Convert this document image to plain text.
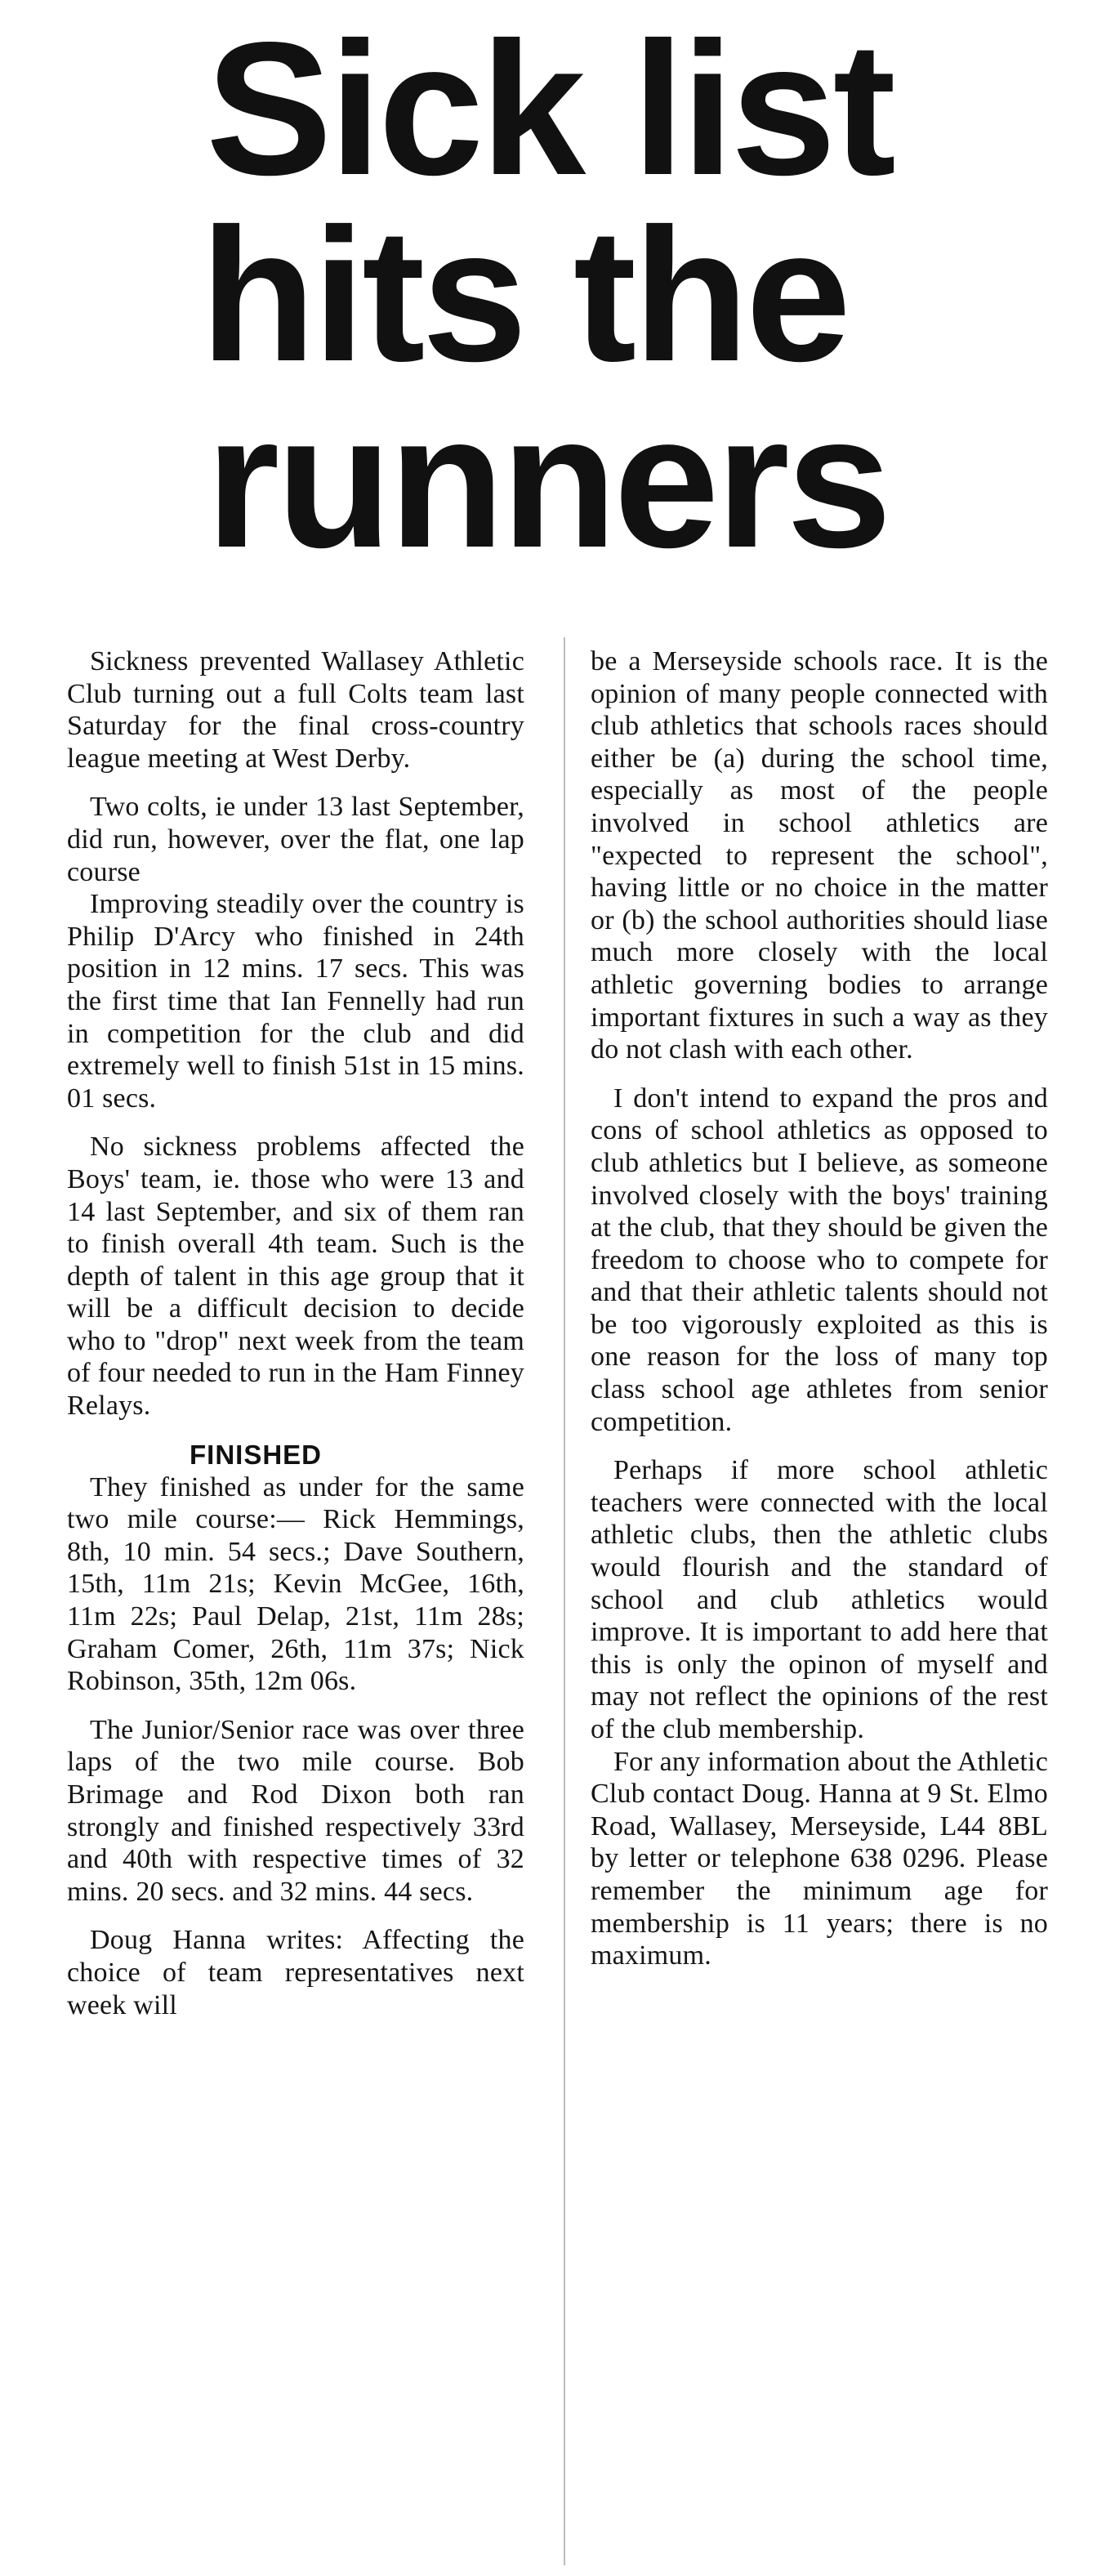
Sick list
hits the
runners

Sickness prevented Wallasey Athletic Club turning out a full Colts team last Saturday for the final cross-country league meeting at West Derby.

Two colts, ie under 13 last September, did run, however, over the flat, one lap course

Improving steadily over the country is Philip D'Arcy who finished in 24th position in 12 mins. 17 secs. This was the first time that Ian Fennelly had run in competition for the club and did extremely well to finish 51st in 15 mins. 01 secs.

No sickness problems affected the Boys' team, ie. those who were 13 and 14 last September, and six of them ran to finish overall 4th team. Such is the depth of talent in this age group that it will be a difficult decision to decide who to "drop" next week from the team of four needed to run in the Ham Finney Relays.

FINISHED

They finished as under for the same two mile course:— Rick Hemmings, 8th, 10 min. 54 secs.; Dave Southern, 15th, 11m 21s; Kevin McGee, 16th, 11m 22s; Paul Delap, 21st, 11m 28s; Graham Comer, 26th, 11m 37s; Nick Robinson, 35th, 12m 06s.

The Junior/Senior race was over three laps of the two mile course. Bob Brimage and Rod Dixon both ran strongly and finished respectively 33rd and 40th with respective times of 32 mins. 20 secs. and 32 mins. 44 secs.

Doug Hanna writes: Affecting the choice of team representatives next week will

be a Merseyside schools race. It is the opinion of many people connected with club athletics that schools races should either be (a) during the school time, especially as most of the people involved in school athletics are "expected to represent the school", having little or no choice in the matter or (b) the school authorities should liase much more closely with the local athletic governing bodies to arrange important fixtures in such a way as they do not clash with each other.

I don't intend to expand the pros and cons of school athletics as opposed to club athletics but I believe, as someone involved closely with the boys' training at the club, that they should be given the freedom to choose who to compete for and that their athletic talents should not be too vigorously exploited as this is one reason for the loss of many top class school age athletes from senior competition.

Perhaps if more school athletic teachers were connected with the local athletic clubs, then the athletic clubs would flourish and the standard of school and club athletics would improve. It is important to add here that this is only the opinon of myself and may not reflect the opinions of the rest of the club membership.

For any information about the Athletic Club contact Doug. Hanna at 9 St. Elmo Road, Wallasey, Merseyside, L44 8BL by letter or telephone 638 0296. Please remember the minimum age for membership is 11 years; there is no maximum.
